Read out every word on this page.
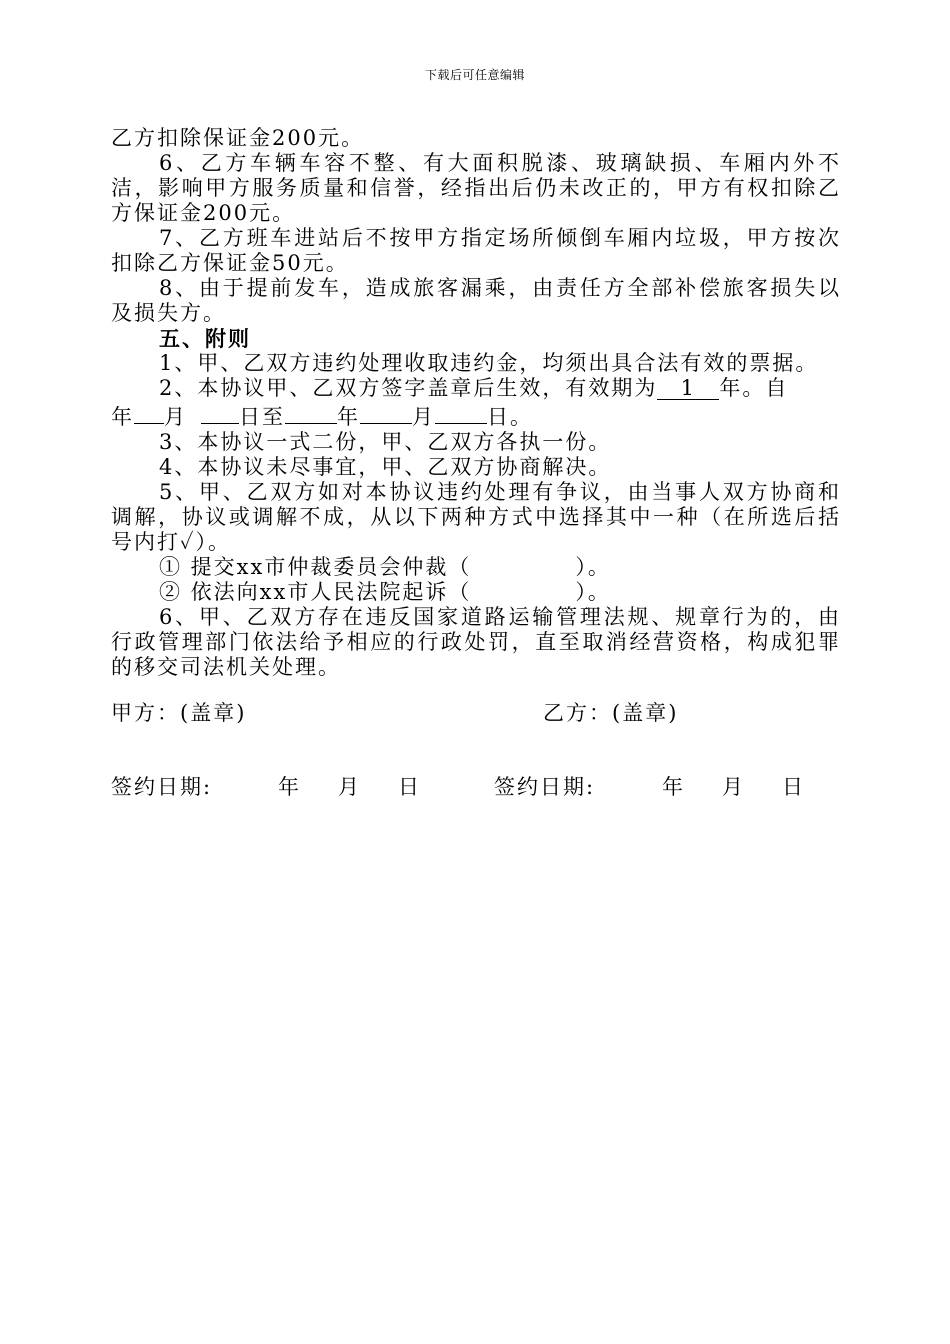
下载后可任意编辑

乙方扣除保证金200元。

6、乙方车辆车容不整、有大面积脱漆、玻璃缺损、车厢内外不洁，影响甲方服务质量和信誉，经指出后仍未改正的，甲方有权扣除乙方保证金200元。

7、乙方班车进站后不按甲方指定场所倾倒车厢内垃圾，甲方按次扣除乙方保证金50元。

8、由于提前发车，造成旅客漏乘，由责任方全部补偿旅客损失以及损失方。

五、附则

1、甲、乙双方违约处理收取违约金，均须出具合法有效的票据。

2、本协议甲、乙双方签字盖章后生效，有效期为 1 年。自
年 月 日至 年 月 日。

3、本协议一式二份，甲、乙双方各执一份。

4、本协议未尽事宜，甲、乙双方协商解决。

5、甲、乙双方如对本协议违约处理有争议，由当事人双方协商和调解，协议或调解不成，从以下两种方式中选择其中一种（在所选后括号内打✓）。

① 提交xx市仲裁委员会仲裁（	）。

② 依法向xx市人民法院起诉（	）。

6、甲、乙双方存在违反国家道路运输管理法规、规章行为的，由行政管理部门依法给予相应的行政处罚，直至取消经营资格，构成犯罪的移交司法机关处理。

甲方：(盖章)	乙方：(盖章)
签约日期:	年 月 日	签约日期:	年 月 日
